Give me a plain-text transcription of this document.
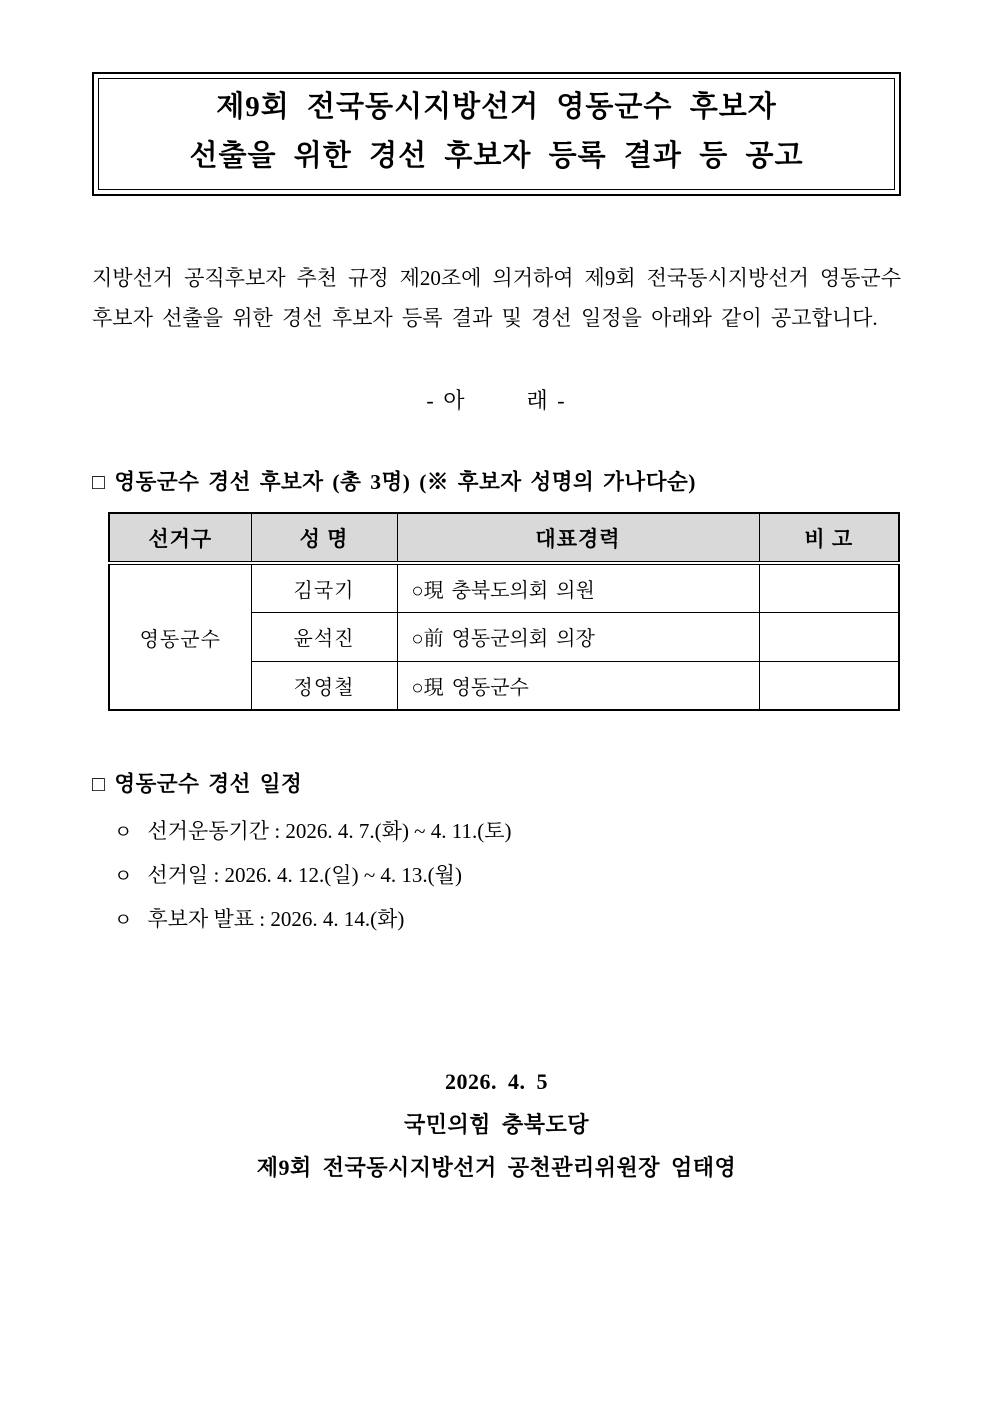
제9회 전국동시지방선거 영동군수 후보자
선출을 위한 경선 후보자 등록 결과 등 공고

지방선거 공직후보자 추천 규정 제20조에 의거하여 제9회 전국동시지방선거 영동군수 후보자 선출을 위한 경선 후보자 등록 결과 및 경선 일정을 아래와 같이 공고합니다.

- 아        래 -
□ 영동군수 경선 후보자 (총 3명) (※ 후보자 성명의 가나다순)
선거구	성 명	대표경력	비 고
영동군수	김국기	○現 충북도의회 의원	
	윤석진	○前 영동군의회 의장	
	정영철	○現 영동군수	
□ 영동군수 경선 일정
ㅇ 선거운동기간 : 2026. 4. 7.(화) ~ 4. 11.(토)
ㅇ 선거일 : 2026. 4. 12.(일) ~ 4. 13.(월)
ㅇ 후보자 발표 : 2026. 4. 14.(화)
2026. 4. 5
국민의힘 충북도당
제9회 전국동시지방선거 공천관리위원장 엄태영
